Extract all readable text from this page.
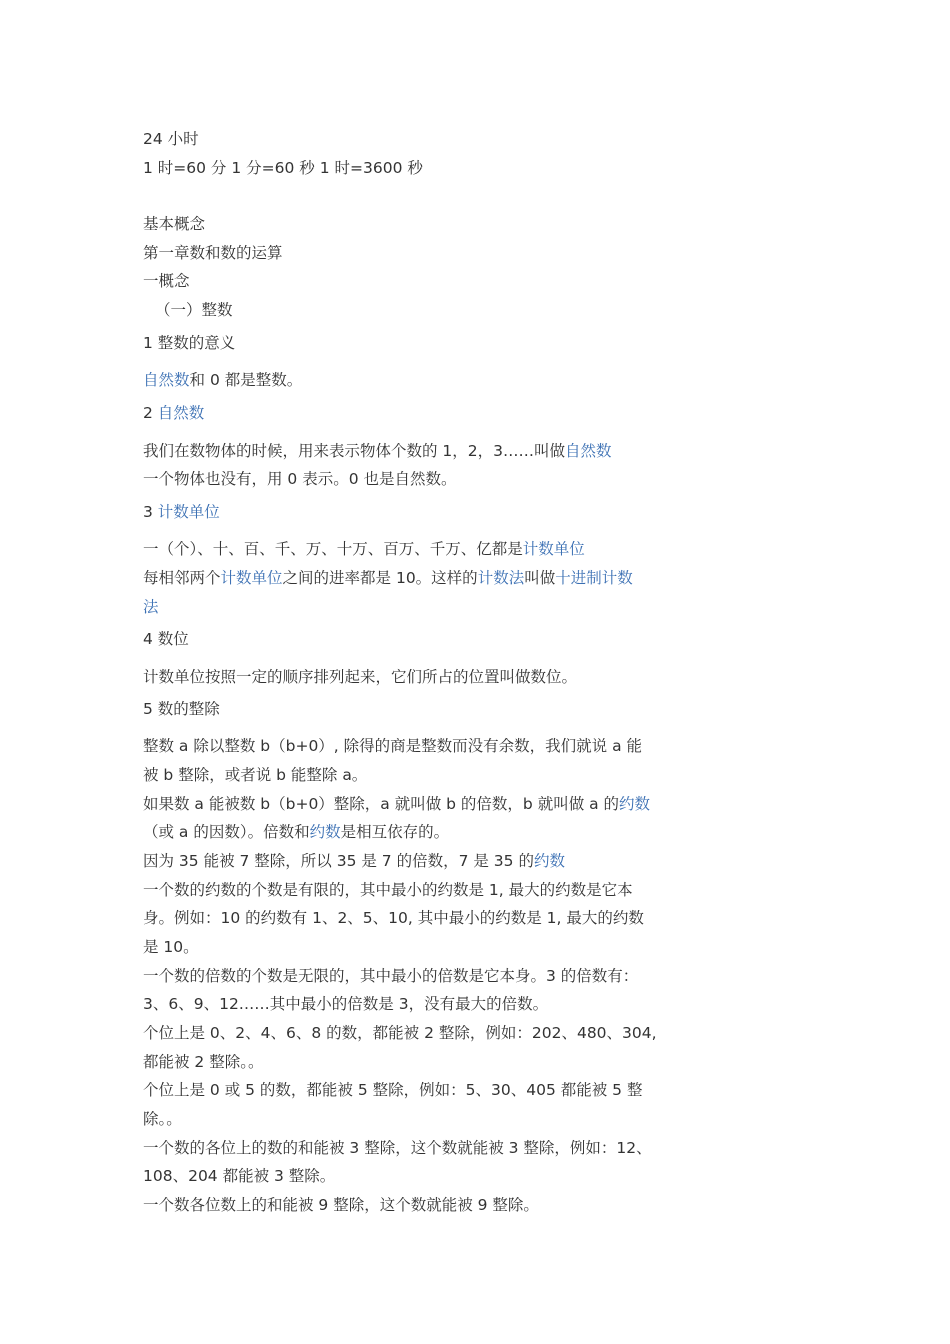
24 小时
1 时=60 分 1 分=60 秒 1 时=3600 秒
基本概念
第一章数和数的运算
一概念
（一）整数
1 整数的意义
自然数和 0 都是整数。
2 自然数
我们在数物体的时候，用来表示物体个数的 1，2，3……叫做自然数
一个物体也没有，用 0 表示。0 也是自然数。
3 计数单位
一（个）、十、百、千、万、十万、百万、千万、亿都是计数单位
每相邻两个计数单位之间的进率都是 10。这样的计数法叫做十进制计数
法
4 数位
计数单位按照一定的顺序排列起来，它们所占的位置叫做数位。
5 数的整除
整数 a 除以整数 b（b+0）, 除得的商是整数而没有余数，我们就说 a 能
被 b 整除，或者说 b 能整除 a。
如果数 a 能被数 b（b+0）整除，a 就叫做 b 的倍数，b 就叫做 a 的约数
（或 a 的因数）。倍数和约数是相互依存的。
因为 35 能被 7 整除，所以 35 是 7 的倍数，7 是 35 的约数
一个数的约数的个数是有限的，其中最小的约数是 1, 最大的约数是它本
身。例如：10 的约数有 1、2、5、10, 其中最小的约数是 1, 最大的约数
是 10。
一个数的倍数的个数是无限的，其中最小的倍数是它本身。3 的倍数有：
3、6、9、12……其中最小的倍数是 3，没有最大的倍数。
个位上是 0、2、4、6、8 的数，都能被 2 整除，例如：202、480、304,
都能被 2 整除。。
个位上是 0 或 5 的数，都能被 5 整除，例如：5、30、405 都能被 5 整
除。。
一个数的各位上的数的和能被 3 整除，这个数就能被 3 整除，例如：12、
108、204 都能被 3 整除。
一个数各位数上的和能被 9 整除，这个数就能被 9 整除。
